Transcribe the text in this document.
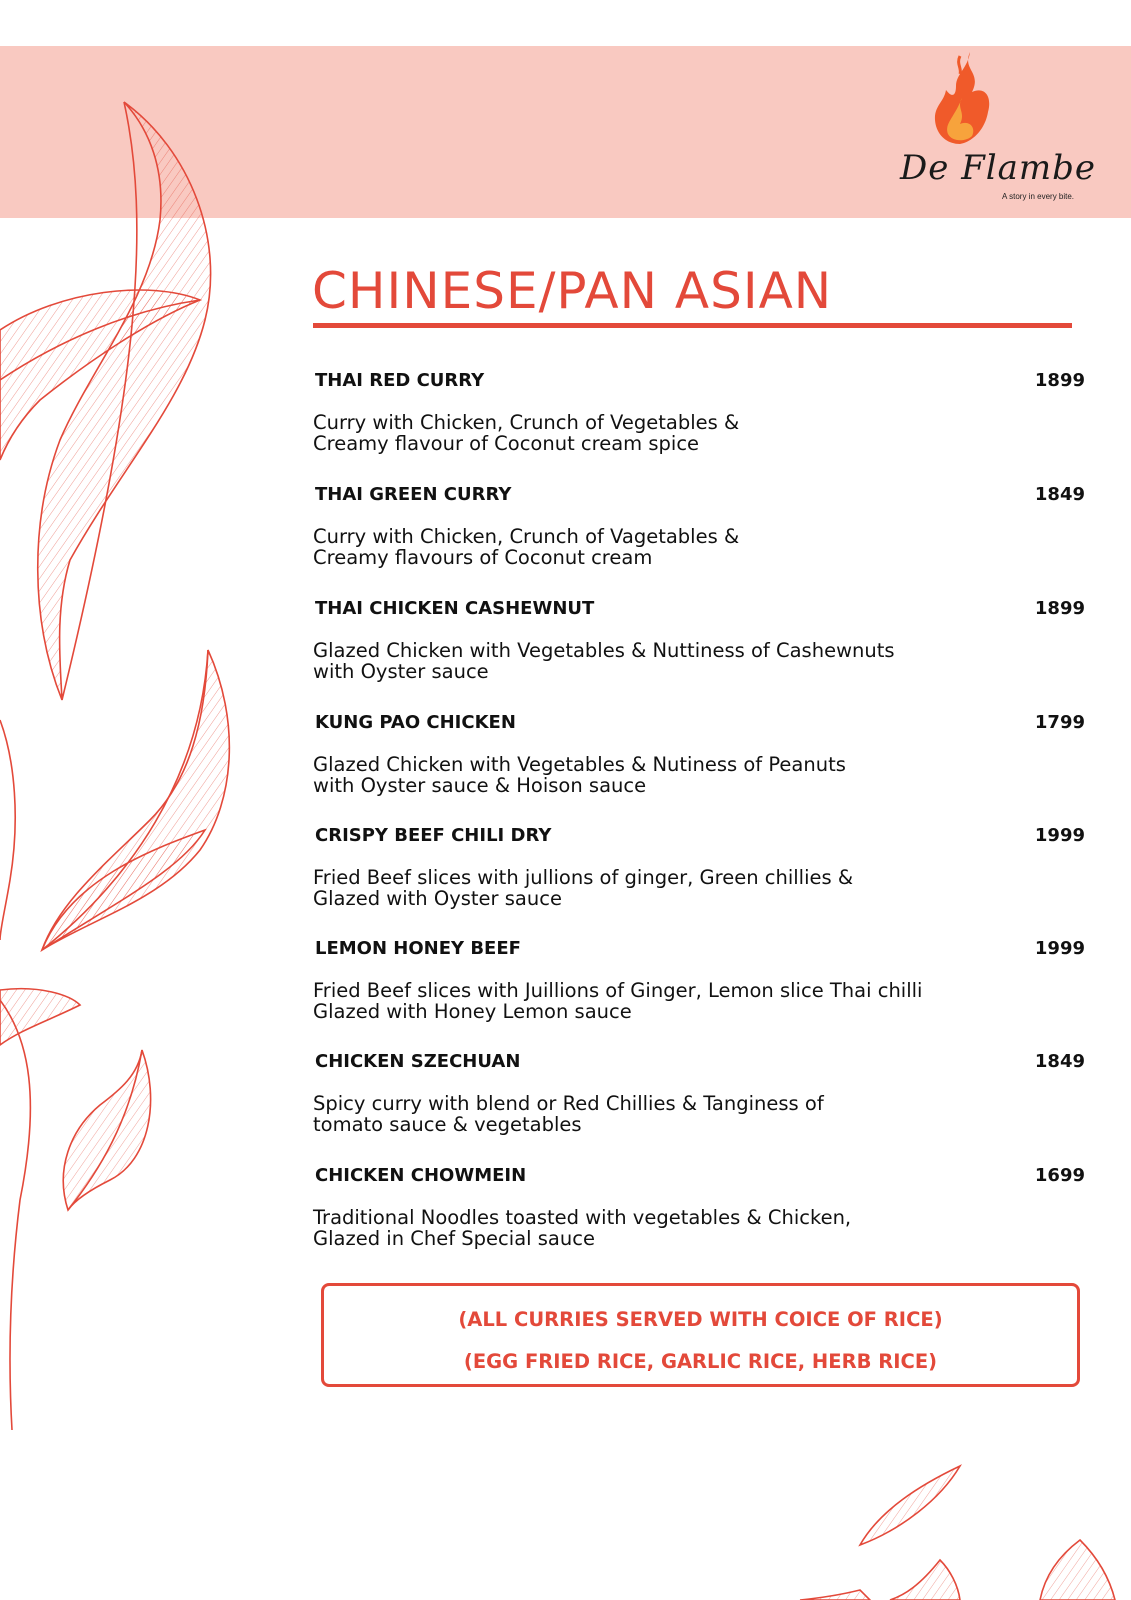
De Flambe
A story in every bite.
CHINESE/PAN ASIAN
THAI RED CURRY	1899
Curry with Chicken, Crunch of Vegetables &
Creamy flavour of Coconut cream spice
THAI GREEN CURRY	1849
Curry with Chicken, Crunch of Vagetables &
Creamy flavours of Coconut cream
THAI CHICKEN CASHEWNUT	1899
Glazed Chicken with Vegetables & Nuttiness of Cashewnuts
with Oyster sauce
KUNG PAO CHICKEN	1799
Glazed Chicken with Vegetables & Nutiness of Peanuts
with Oyster sauce & Hoison sauce
CRISPY BEEF CHILI DRY	1999
Fried Beef slices with jullions of ginger, Green chillies &
Glazed with Oyster sauce
LEMON HONEY BEEF	1999
Fried Beef slices with Juillions of Ginger, Lemon slice Thai chilli
Glazed with Honey Lemon sauce
CHICKEN SZECHUAN	1849
Spicy curry with blend or Red Chillies & Tanginess of
tomato sauce & vegetables
CHICKEN CHOWMEIN	1699
Traditional Noodles toasted with vegetables & Chicken,
Glazed in Chef Special sauce
(ALL CURRIES SERVED WITH COICE OF RICE)
(EGG FRIED RICE, GARLIC RICE, HERB RICE)
